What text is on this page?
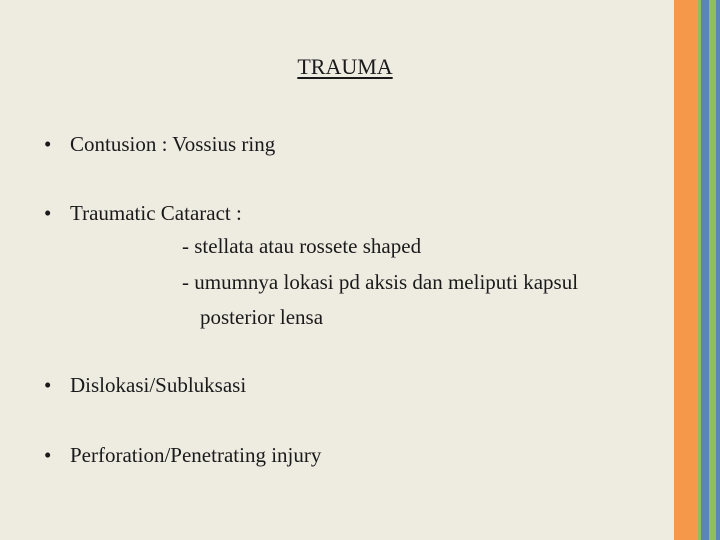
TRAUMA
• Contusion : Vossius ring
• Traumatic Cataract :
- stellata atau rossete shaped
- umumnya lokasi pd aksis dan meliputi kapsul
posterior lensa
• Dislokasi/Subluksasi
• Perforation/Penetrating injury
